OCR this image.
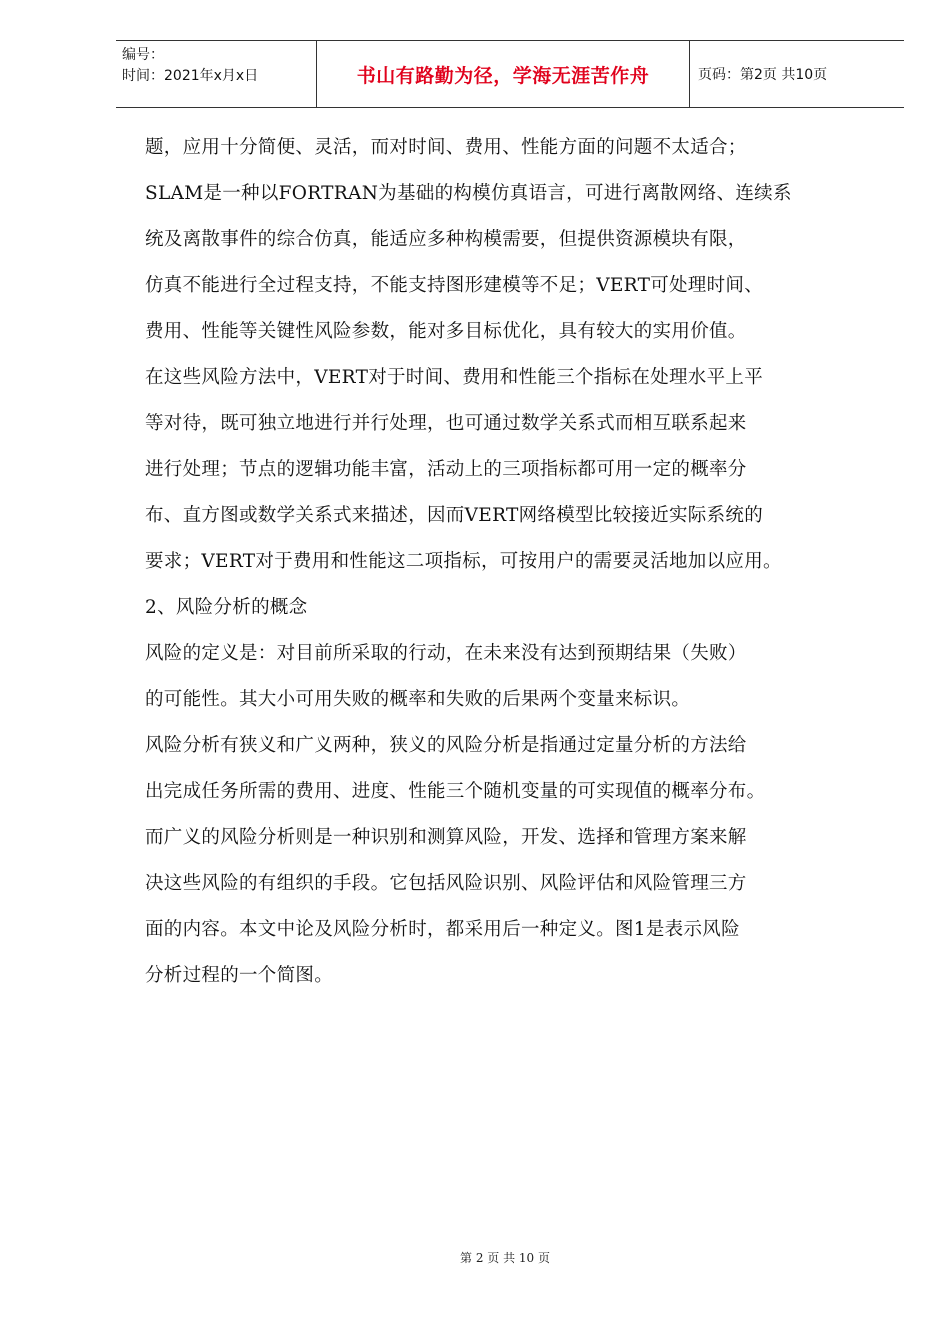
编号：
时间：2021年x月x日	书山有路勤为径，学海无涯苦作舟	页码：第2页 共10页
题，应用十分简便、灵活，而对时间、费用、性能方面的问题不太适合；
SLAM是一种以FORTRAN为基础的构模仿真语言，可进行离散网络、连续系
统及离散事件的综合仿真，能适应多种构模需要，但提供资源模块有限，
仿真不能进行全过程支持，不能支持图形建模等不足；VERT可处理时间、
费用、性能等关键性风险参数，能对多目标优化，具有较大的实用价值。
在这些风险方法中，VERT对于时间、费用和性能三个指标在处理水平上平
等对待，既可独立地进行并行处理，也可通过数学关系式而相互联系起来
进行处理；节点的逻辑功能丰富，活动上的三项指标都可用一定的概率分
布、直方图或数学关系式来描述，因而VERT网络模型比较接近实际系统的
要求；VERT对于费用和性能这二项指标，可按用户的需要灵活地加以应用。
2、风险分析的概念
风险的定义是：对目前所采取的行动，在未来没有达到预期结果（失败）
的可能性。其大小可用失败的概率和失败的后果两个变量来标识。
风险分析有狭义和广义两种，狭义的风险分析是指通过定量分析的方法给
出完成任务所需的费用、进度、性能三个随机变量的可实现值的概率分布。
而广义的风险分析则是一种识别和测算风险，开发、选择和管理方案来解
决这些风险的有组织的手段。它包括风险识别、风险评估和风险管理三方
面的内容。本文中论及风险分析时，都采用后一种定义。图1是表示风险
分析过程的一个简图。
第 2 页 共 10 页
